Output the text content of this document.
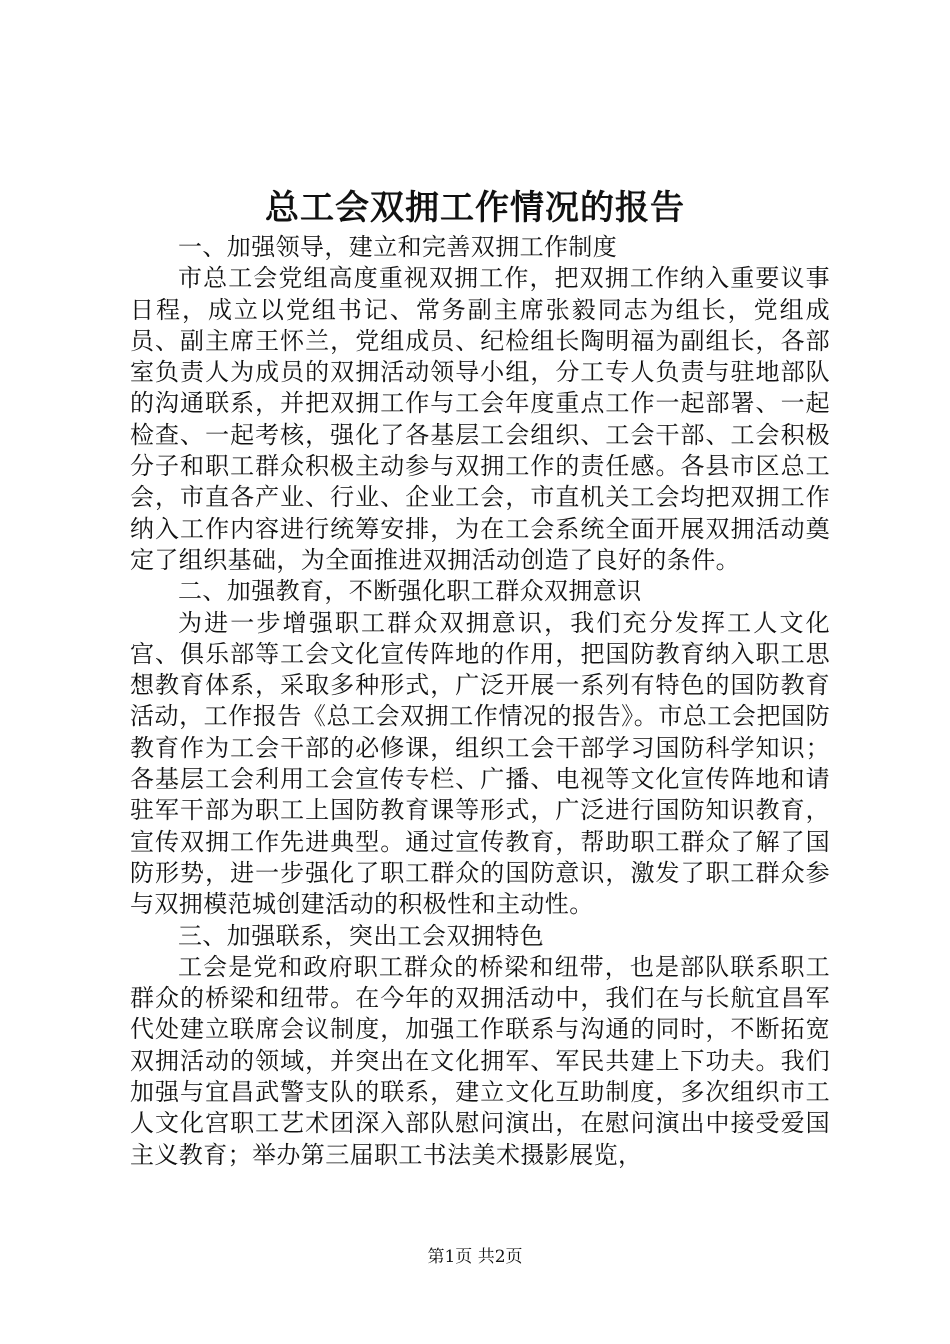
总工会双拥工作情况的报告

一、加强领导，建立和完善双拥工作制度

市总工会党组高度重视双拥工作，把双拥工作纳入重要议事日程，成立以党组书记、常务副主席张毅同志为组长，党组成员、副主席王怀兰，党组成员、纪检组长陶明福为副组长，各部室负责人为成员的双拥活动领导小组，分工专人负责与驻地部队的沟通联系，并把双拥工作与工会年度重点工作一起部署、一起检查、一起考核，强化了各基层工会组织、工会干部、工会积极分子和职工群众积极主动参与双拥工作的责任感。各县市区总工会，市直各产业、行业、企业工会，市直机关工会均把双拥工作纳入工作内容进行统筹安排，为在工会系统全面开展双拥活动奠定了组织基础，为全面推进双拥活动创造了良好的条件。

二、加强教育，不断强化职工群众双拥意识

为进一步增强职工群众双拥意识，我们充分发挥工人文化宫、俱乐部等工会文化宣传阵地的作用，把国防教育纳入职工思想教育体系，采取多种形式，广泛开展一系列有特色的国防教育活动，工作报告《总工会双拥工作情况的报告》。市总工会把国防教育作为工会干部的必修课，组织工会干部学习国防科学知识；各基层工会利用工会宣传专栏、广播、电视等文化宣传阵地和请驻军干部为职工上国防教育课等形式，广泛进行国防知识教育，宣传双拥工作先进典型。通过宣传教育，帮助职工群众了解了国防形势，进一步强化了职工群众的国防意识，激发了职工群众参与双拥模范城创建活动的积极性和主动性。

三、加强联系，突出工会双拥特色

工会是党和政府职工群众的桥梁和纽带，也是部队联系职工群众的桥梁和纽带。在今年的双拥活动中，我们在与长航宜昌军代处建立联席会议制度，加强工作联系与沟通的同时，不断拓宽双拥活动的领域，并突出在文化拥军、军民共建上下功夫。我们加强与宜昌武警支队的联系，建立文化互助制度，多次组织市工人文化宫职工艺术团深入部队慰问演出，在慰问演出中接受爱国主义教育；举办第三届职工书法美术摄影展览，

第1页 共2页
